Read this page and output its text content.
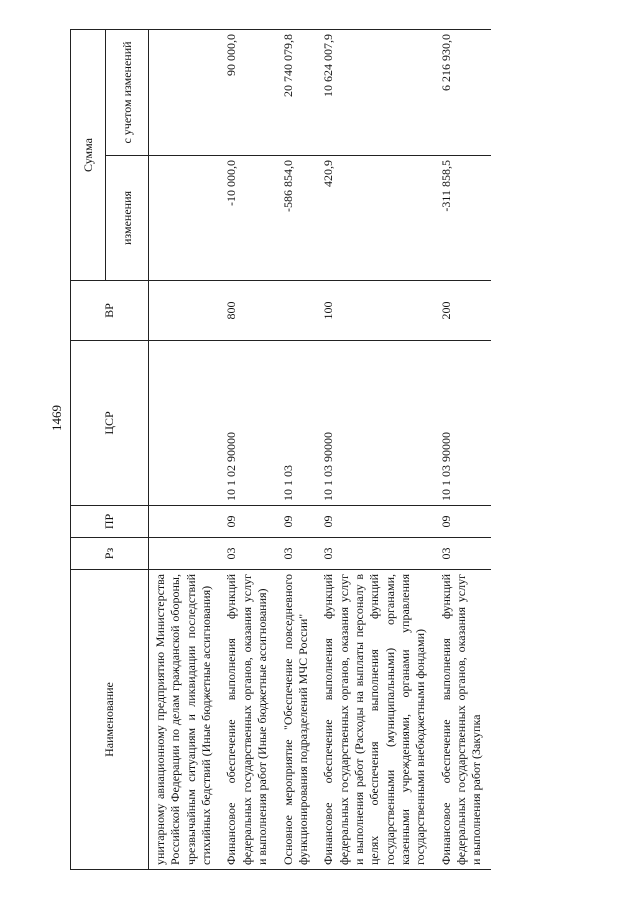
1469
Наименование	Рз	ПР	ЦСР	ВР	Сумма	
					изменения	с учетом изменений
унитарному авиационному предприятию Министерства Российской Федерации по делам гражданской обороны, чрезвычайным ситуациям и ликвидации последствий стихийных бедствий (Иные бюджетные ассигнования)						
Финансовое обеспечение выполнения функций федеральных государственных органов, оказания услуг и выполнения работ (Иные бюджетные ассигнования)	03	09	10 1 02 90000	800	-10 000,0	90 000,0
Основное мероприятие "Обеспечение повседневного функционирования подразделений МЧС России"	03	09	10 1 03		-586 854,0	20 740 079,8
Финансовое обеспечение выполнения функций федеральных государственных органов, оказания услуг и выполнения работ (Расходы на выплаты персоналу в целях обеспечения выполнения функций государственными (муниципальными) органами, казенными учреждениями, органами управления государственными внебюджетными фондами)	03	09	10 1 03 90000	100	420,9	10 624 007,9
Финансовое обеспечение выполнения функций федеральных государственных органов, оказания услуг и выполнения работ (Закупка	03	09	10 1 03 90000	200	-311 858,5	6 216 930,0
